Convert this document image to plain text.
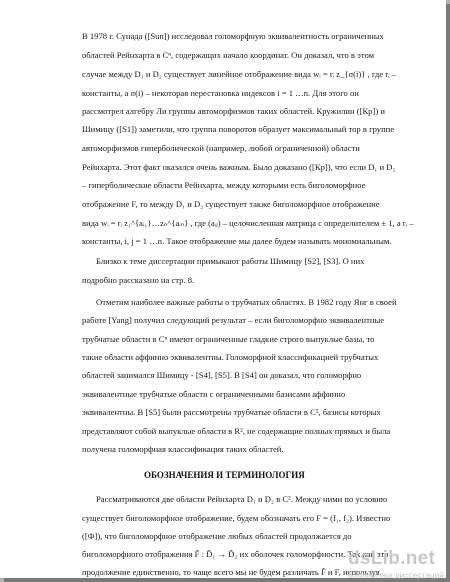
В 1978 г. Сунада ([Sun]) исследовал голоморфную эквивалентность ограниченных
областей Рейнхарта в Cⁿ, содержащих начало координат. Он доказал, что в этом
случае между D₁ и D₂ существует линейное отображение вида wᵢ = rᵢ z_{σ(i)} , где rᵢ –
константы, а σ(i) – некоторая перестановка индексов i = 1 …n. Для этого он
рассмотрел алгебру Ли группы автоморфизмов таких областей. Кружилин ([Кр]) и
Шимицу ([S1]) заметили, что группа поворотов образует максимальный тор в группе
автоморфизмов гиперболической (например, любой ограниченной) области
Рейнхарта. Этот факт оказался очень важным. Было доказано ([Кр]), что если D₁ и D₂
– гиперболические области Рейнхарта, между которыми есть биголоморфное
отображение F, то между D₁ и D₂ существует также биголоморфное отображение
вида wᵢ = rᵢ z₁^{aᵢ₁}…zₙ^{aᵢₙ} , где (aᵢⱼ) – целочисленная матрица с определителем ± 1, а rᵢ –
константы, i, j = 1 …n. Такое отображение мы далее будем называть мономиальным.
Близко к теме диссертации примыкают работы Шимицу [S2], [S3]. О них
подробно рассказано на стр. 8.
Отметим наиболее важные работы о трубчатых областях. В 1982 году Янг в своей
работе [Yang] получил следующий результат – если биголоморфно эквивалентные
трубчатые области в Cⁿ имеют ограниченные гладкие строго выпуклые базы, то
такие области аффинно эквивалентны. Голоморфной классификацией трубчатых
областей занимался Шимицу - [S4], [S5]. В [S4] он доказал, что голоморфно
эквивалентные трубчатые области с ограниченными базисами аффинно
эквивалентны. В [S5] были рассмотрены трубчатые области в C², базисы которых
представляют собой выпуклые области в R², не содержащие полных прямых и была
получена голоморфная классификация таких областей.
ОБОЗНАЧЕНИЯ И ТЕРМИНОЛОГИЯ
Рассматриваются две области Рейнхарта D₁ и D₂ в C². Между ними по условию
существует биголоморфное отображение, будем обозначать его F = (f₁, f₂). Известно
([Ф]), что биголоморфное отображение любых областей продолжается до
биголоморфного отображения F̃ : D̃₁ → D̃₂ их оболочек голоморфности. Так как это
продолжение единственно, то чаще всего мы не будем различать F̃ и F, используя
dsLib.net
библиотека диссертаций
